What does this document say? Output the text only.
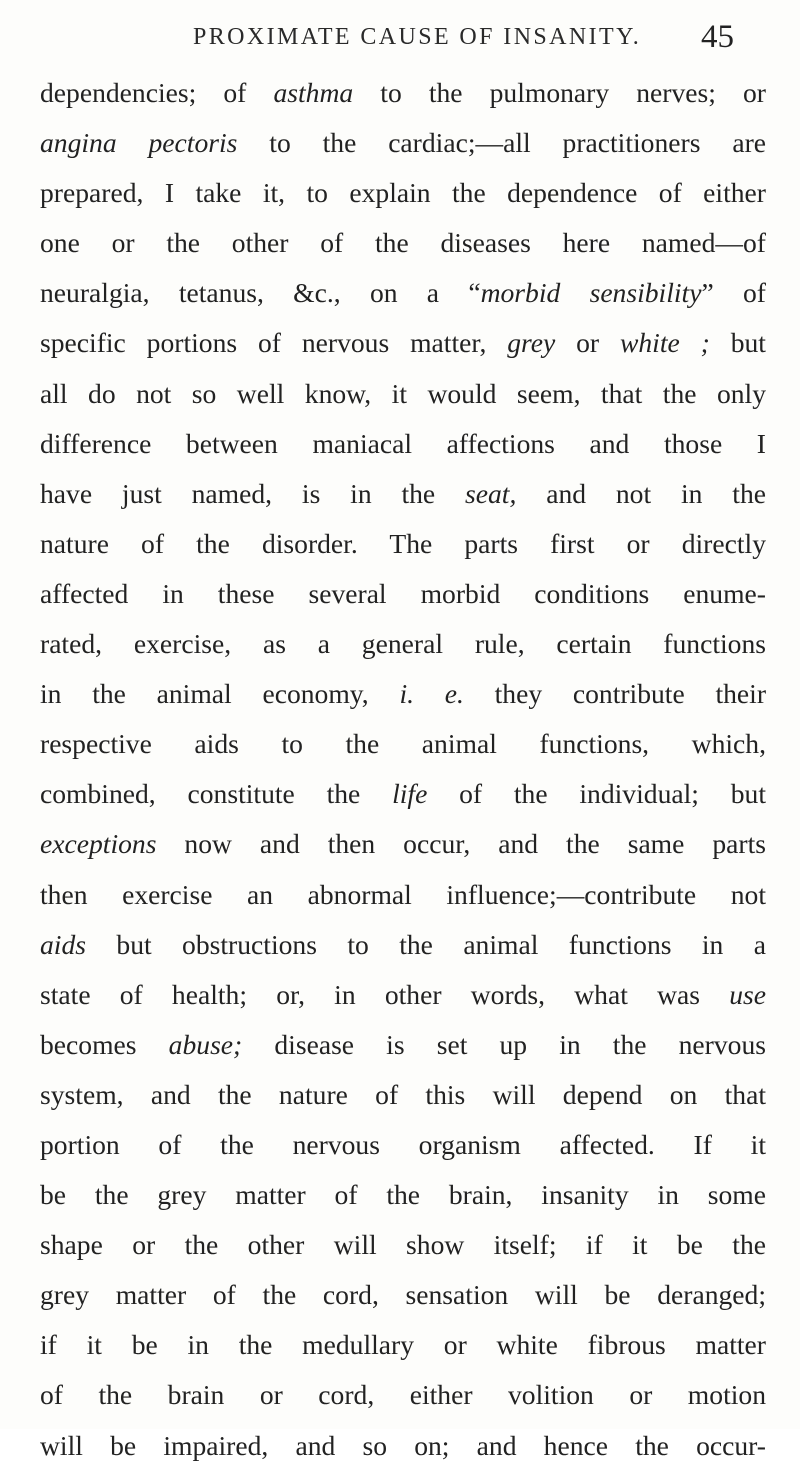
PROXIMATE CAUSE OF INSANITY. 45
dependencies; of asthma to the pulmonary nerves; or
angina pectoris to the cardiac;—all practitioners are
prepared, I take it, to explain the dependence of either
one or the other of the diseases here named—of
neuralgia, tetanus, &c., on a “morbid sensibility” of
specific portions of nervous matter, grey or white ; but
all do not so well know, it would seem, that the only
difference between maniacal affections and those I
have just named, is in the seat, and not in the
nature of the disorder. The parts first or directly
affected in these several morbid conditions enume-
rated, exercise, as a general rule, certain functions
in the animal economy, i. e. they contribute their
respective aids to the animal functions, which,
combined, constitute the life of the individual; but
exceptions now and then occur, and the same parts
then exercise an abnormal influence;—contribute not
aids but obstructions to the animal functions in a
state of health; or, in other words, what was use
becomes abuse; disease is set up in the nervous
system, and the nature of this will depend on that
portion of the nervous organism affected. If it
be the grey matter of the brain, insanity in some
shape or the other will show itself; if it be the
grey matter of the cord, sensation will be deranged;
if it be in the medullary or white fibrous matter
of the brain or cord, either volition or motion
will be impaired, and so on; and hence the occur-
